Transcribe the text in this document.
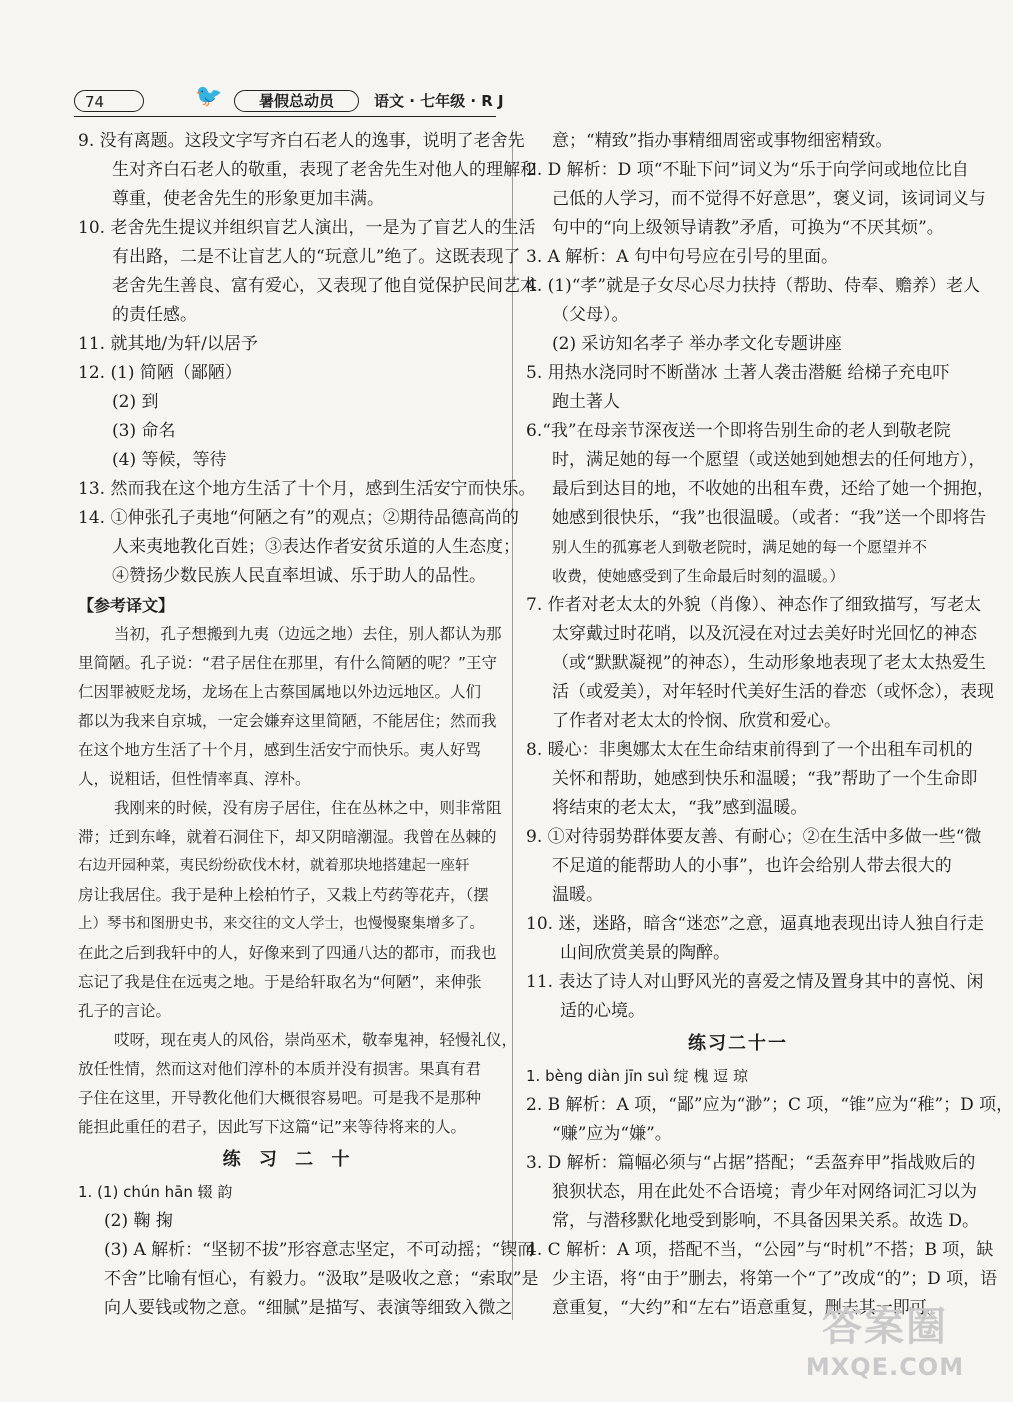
74	🐦	暑假总动员	语文 · 七年级 · R J
9. 没有离题。这段文字写齐白石老人的逸事，说明了老舍先
生对齐白石老人的敬重，表现了老舍先生对他人的理解和
尊重，使老舍先生的形象更加丰满。
10. 老舍先生提议并组织盲艺人演出，一是为了盲艺人的生活
有出路，二是不让盲艺人的“玩意儿”绝了。这既表现了
老舍先生善良、富有爱心，又表现了他自觉保护民间艺术
的责任感。
11. 就其地/为轩/以居予
12. (1) 简陋（鄙陋）
(2) 到
(3) 命名
(4) 等候，等待
13. 然而我在这个地方生活了十个月，感到生活安宁而快乐。
14. ①伸张孔子夷地“何陋之有”的观点；②期待品德高尚的
人来夷地教化百姓；③表达作者安贫乐道的人生态度；
④赞扬少数民族人民直率坦诚、乐于助人的品性。
【参考译文】
当初，孔子想搬到九夷（边远之地）去住，别人都认为那
里简陋。孔子说：“君子居住在那里，有什么简陋的呢？”王守
仁因罪被贬龙场，龙场在上古蔡国属地以外边远地区。人们
都以为我来自京城，一定会嫌弃这里简陋，不能居住；然而我
在这个地方生活了十个月，感到生活安宁而快乐。夷人好骂
人，说粗话，但性情率真、淳朴。
我刚来的时候，没有房子居住，住在丛林之中，则非常阻
滞；迁到东峰，就着石洞住下，却又阴暗潮湿。我曾在丛棘的
右边开园种菜，夷民纷纷砍伐木材，就着那块地搭建起一座轩
房让我居住。我于是种上桧柏竹子，又栽上芍药等花卉，（摆
上）琴书和图册史书，来交往的文人学士，也慢慢聚集增多了。
在此之后到我轩中的人，好像来到了四通八达的都市，而我也
忘记了我是住在远夷之地。于是给轩取名为“何陋”，来伸张
孔子的言论。
哎呀，现在夷人的风俗，崇尚巫术，敬奉鬼神，轻慢礼仪，
放任性情，然而这对他们淳朴的本质并没有损害。果真有君
子住在这里，开导教化他们大概很容易吧。可是我不是那种
能担此重任的君子，因此写下这篇“记”来等待将来的人。
练 习 二 十
1. (1) chún hān 辍 韵
(2) 鞠 掬
(3) A 解析：“坚韧不拔”形容意志坚定，不可动摇；“锲而
不舍”比喻有恒心，有毅力。“汲取”是吸收之意；“索取”是
向人要钱或物之意。“细腻”是描写、表演等细致入微之
意；“精致”指办事精细周密或事物细密精致。
2. D 解析：D 项“不耻下问”词义为“乐于向学问或地位比自
己低的人学习，而不觉得不好意思”，褒义词，该词词义与
句中的“向上级领导请教”矛盾，可换为“不厌其烦”。
3. A 解析：A 句中句号应在引号的里面。
4. (1)“孝”就是子女尽心尽力扶持（帮助、侍奉、赡养）老人
（父母）。
(2) 采访知名孝子 举办孝文化专题讲座
5. 用热水浇同时不断凿冰 土著人袭击潜艇 给梯子充电吓
跑土著人
6.“我”在母亲节深夜送一个即将告别生命的老人到敬老院
时，满足她的每一个愿望（或送她到她想去的任何地方），
最后到达目的地，不收她的出租车费，还给了她一个拥抱，
她感到很快乐，“我”也很温暖。（或者：“我”送一个即将告
别人生的孤寡老人到敬老院时，满足她的每一个愿望并不
收费，使她感受到了生命最后时刻的温暖。）
7. 作者对老太太的外貌（肖像）、神态作了细致描写，写老太
太穿戴过时花哨，以及沉浸在对过去美好时光回忆的神态
（或“默默凝视”的神态），生动形象地表现了老太太热爱生
活（或爱美），对年轻时代美好生活的眷恋（或怀念），表现
了作者对老太太的怜悯、欣赏和爱心。
8. 暖心：非奥娜太太在生命结束前得到了一个出租车司机的
关怀和帮助，她感到快乐和温暖；“我”帮助了一个生命即
将结束的老太太，“我”感到温暖。
9. ①对待弱势群体要友善、有耐心；②在生活中多做一些“微
不足道的能帮助人的小事”，也许会给别人带去很大的
温暖。
10. 迷，迷路，暗含“迷恋”之意，逼真地表现出诗人独自行走
山间欣赏美景的陶醉。
11. 表达了诗人对山野风光的喜爱之情及置身其中的喜悦、闲
适的心境。
练习二十一
1. bèng diàn jīn suì 绽 槐 逗 琼
2. B 解析：A 项，“鄙”应为“渺”；C 项，“锥”应为“稚”；D 项，
“赚”应为“嫌”。
3. D 解析：篇幅必须与“占据”搭配；“丢盔弃甲”指战败后的
狼狈状态，用在此处不合语境；青少年对网络词汇习以为
常，与潜移默化地受到影响，不具备因果关系。故选 D。
4. C 解析：A 项，搭配不当，“公园”与“时机”不搭；B 项，缺
少主语，将“由于”删去，将第一个“了”改成“的”；D 项，语
意重复，“大约”和“左右”语意重复，删去其一即可。
答案圈
MXQE.COM
